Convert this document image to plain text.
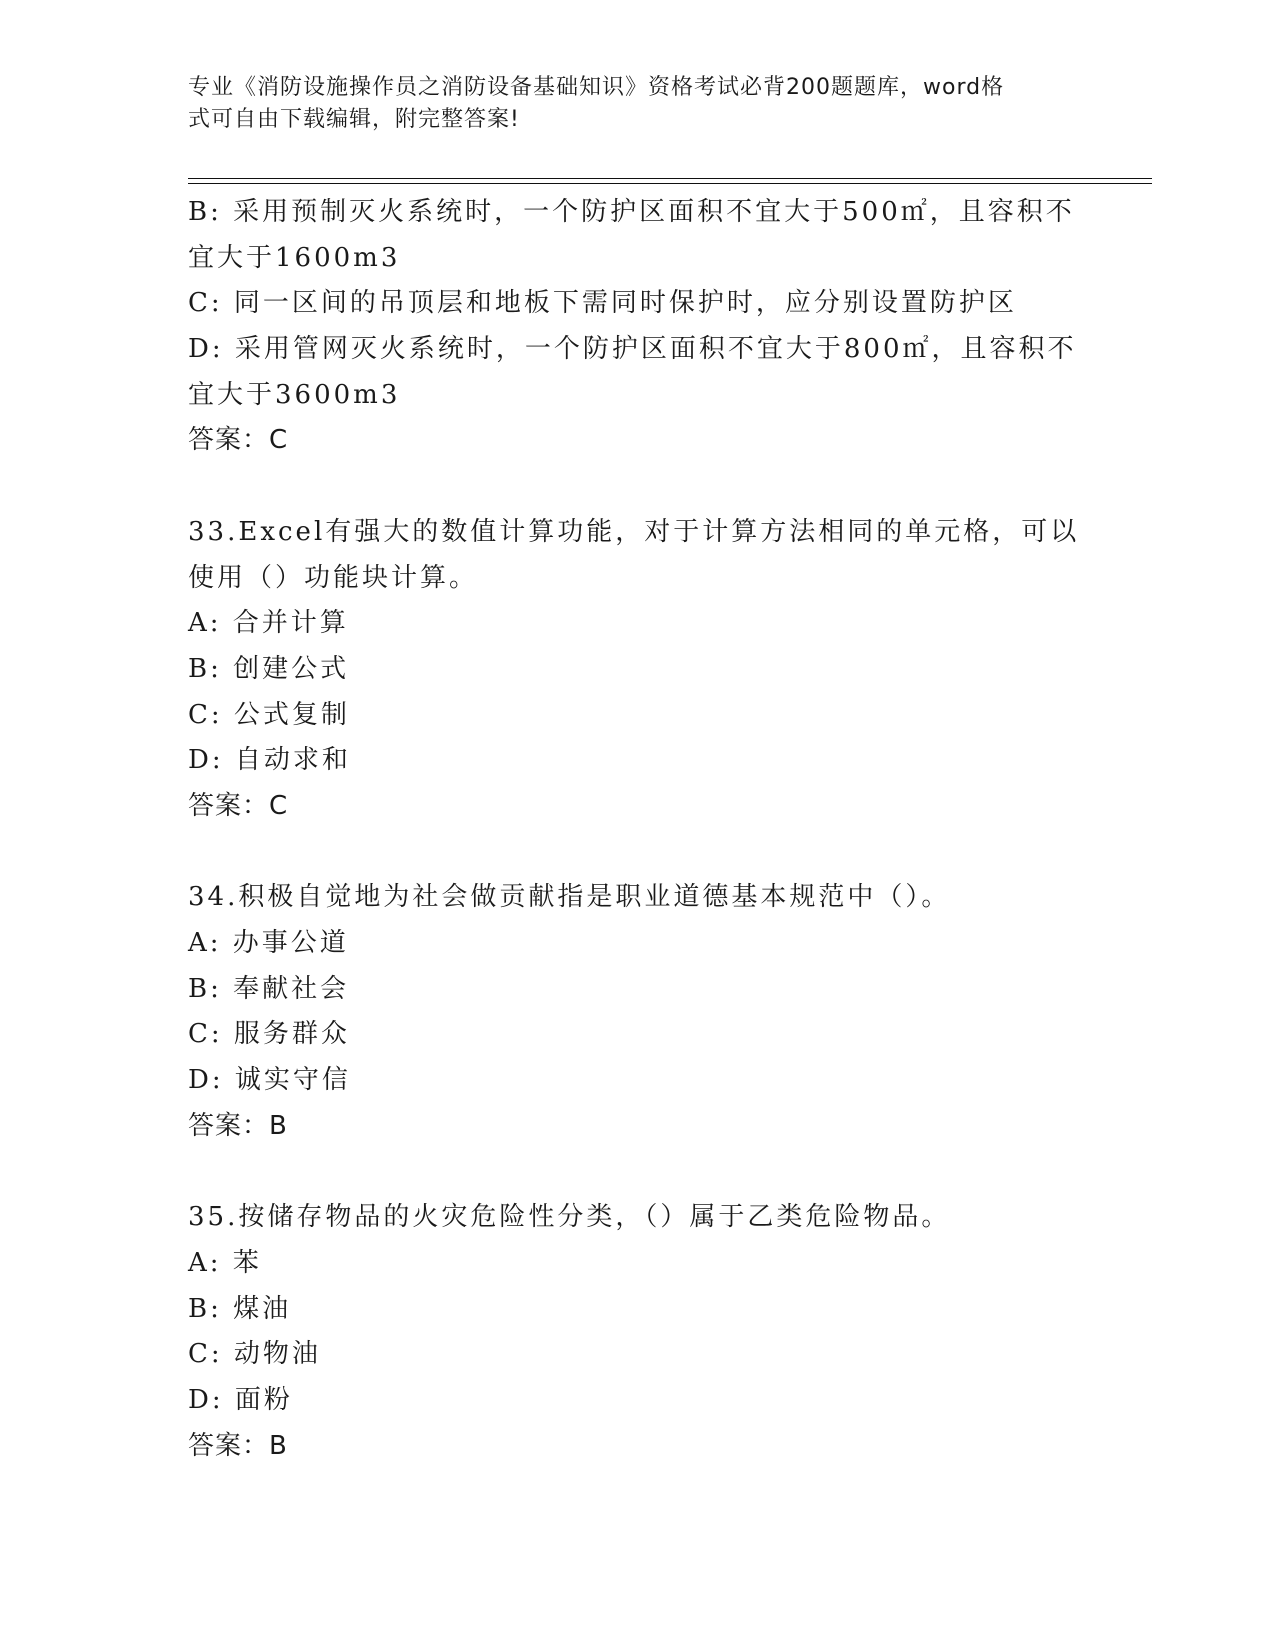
专业《消防设施操作员之消防设备基础知识》资格考试必背200题题库，word格
式可自由下载编辑，附完整答案!
B: 采用预制灭火系统时，一个防护区面积不宜大于500㎡，且容积不
宜大于1600m3
C: 同一区间的吊顶层和地板下需同时保护时，应分别设置防护区
D: 采用管网灭火系统时，一个防护区面积不宜大于800㎡，且容积不
宜大于3600m3
答案：C
33.Excel有强大的数值计算功能，对于计算方法相同的单元格，可以
使用（）功能块计算。
A: 合并计算
B: 创建公式
C: 公式复制
D: 自动求和
答案：C
34.积极自觉地为社会做贡献指是职业道德基本规范中（）。
A: 办事公道
B: 奉献社会
C: 服务群众
D: 诚实守信
答案：B
35.按储存物品的火灾危险性分类，（）属于乙类危险物品。
A: 苯
B: 煤油
C: 动物油
D: 面粉
答案：B
